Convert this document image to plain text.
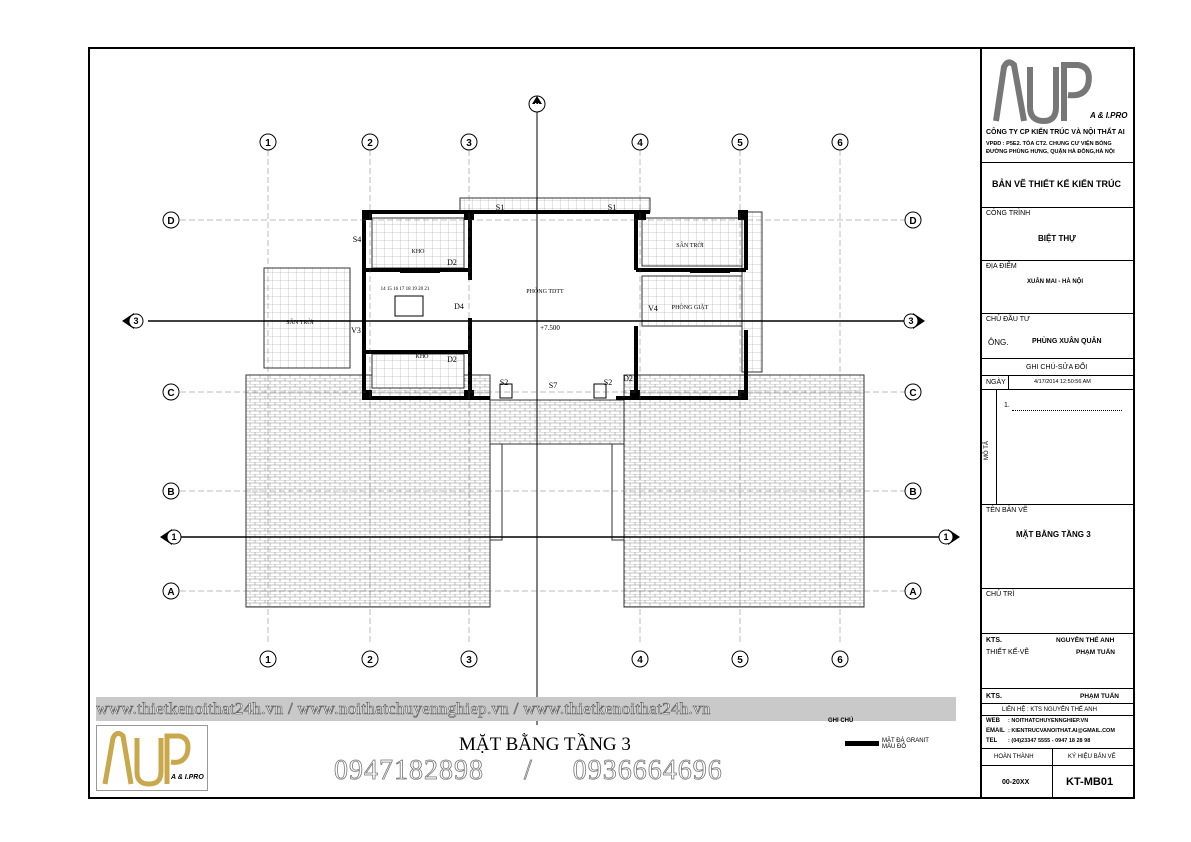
N
1	2	3	4	5	6
1	2	3	4	5	6
D
C
B
A
D
C
B
A
3	3
1	1
KHO
KHO
PHÒNG TDTT
PHÒNG GIẶT
SÂN TRỜI
SÂN TRỜI
+7.500
14 15 16 17 18 19 20 21
S1	S1
S4
D2
D2
D2
D4	V4
V3
S2	S7	S2
A & I.PRO
CÔNG TY CP KIẾN TRÚC VÀ NỘI THẤT AI
VPĐD : P5E2. TÒA CT2. CHUNG CƯ VIỆN BỎNG
ĐƯỜNG PHÙNG HƯNG, QUẬN HÀ ĐÔNG,HÀ NỘI
BẢN VẼ THIẾT KẾ KIẾN TRÚC
CÔNG TRÌNH
BIỆT THỰ
ĐỊA ĐIỂM
XUÂN MAI - HÀ NỘI
CHỦ ĐẦU TƯ
ÔNG.	PHÙNG XUÂN QUÂN
GHI CHÚ-SỬA ĐỔI
NGÀY	4/17/2014 12:50:56 AM
MÔ TẢ
1.
TÊN BẢN VẼ
MẶT BẰNG TẦNG 3
CHỦ TRÌ
KTS.	NGUYỄN THẾ ANH
THIẾT KẾ-VẼ	PHẠM TUẤN
KTS.	PHẠM TUẤN
LIÊN HỆ : KTS NGUYỄN THẾ ANH
WEB : NOITHATCHUYENNGHIEP.VN
EMAIL : KIENTRUCVANOITHAT.AI@GMAIL.COM
TEL : (04)23347 5555 - 0947 18 28 98
HOÀN THÀNH	KÝ HIỆU BẢN VẼ
00-20XX	KT-MB01
www.thietkenoithat24h.vn / www.noithatchuyennghiep.vn / www.thietkenoithat24h.vn
GHI CHÚ
MẶT ĐÁ GRANIT MÀU ĐỎ
A & I.PRO
MẶT BẰNG TẦNG 3
0947182898 / 0936664696
